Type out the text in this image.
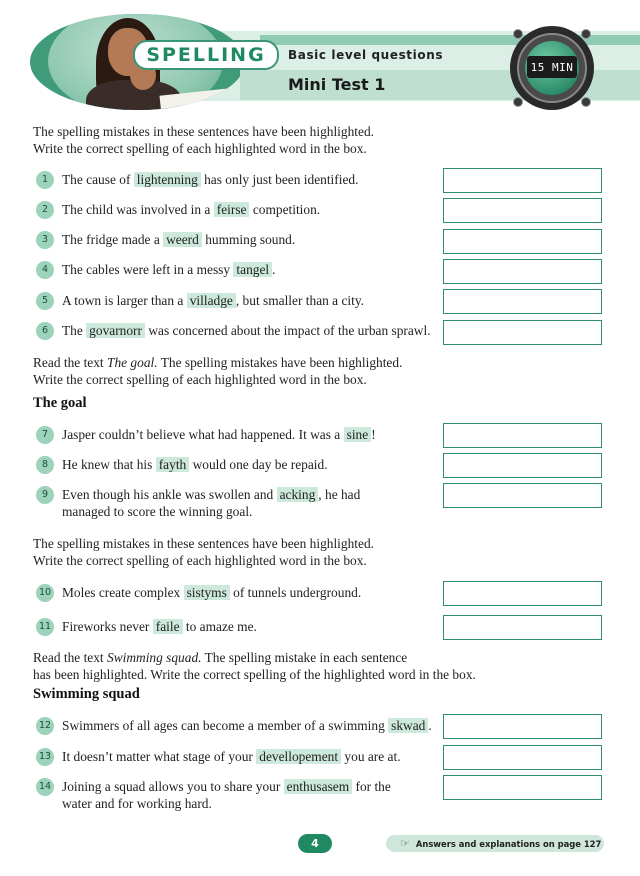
SPELLING Basic level questions
Mini Test 1
15 MIN
The spelling mistakes in these sentences have been highlighted.
Write the correct spelling of each highlighted word in the box.
1	The cause of lightenning has only just been identified.
2	The child was involved in a feirse competition.
3	The fridge made a weerd humming sound.
4	The cables were left in a messy tangel .
5	A town is larger than a villadge , but smaller than a city.
6	The govarnorr was concerned about the impact of the urban sprawl.
Read the text The goal. The spelling mistakes have been highlighted.
Write the correct spelling of each highlighted word in the box.
The goal
7	Jasper couldn’t believe what had happened. It was a sine !
8	He knew that his fayth would one day be repaid.
9	Even though his ankle was swollen and acking , he had
managed to score the winning goal.
The spelling mistakes in these sentences have been highlighted.
Write the correct spelling of each highlighted word in the box.
10 Moles create complex sistyms of tunnels underground.
11 Fireworks never faile to amaze me.
Read the text Swimming squad. The spelling mistake in each sentence
has been highlighted. Write the correct spelling of the highlighted word in the box.
Swimming squad
12 Swimmers of all ages can become a member of a swimming skwad .
13 It doesn’t matter what stage of your devellopement you are at.
14 Joining a squad allows you to share your enthusasem for the
water and for working hard.
4	☞ Answers and explanations on page 127
